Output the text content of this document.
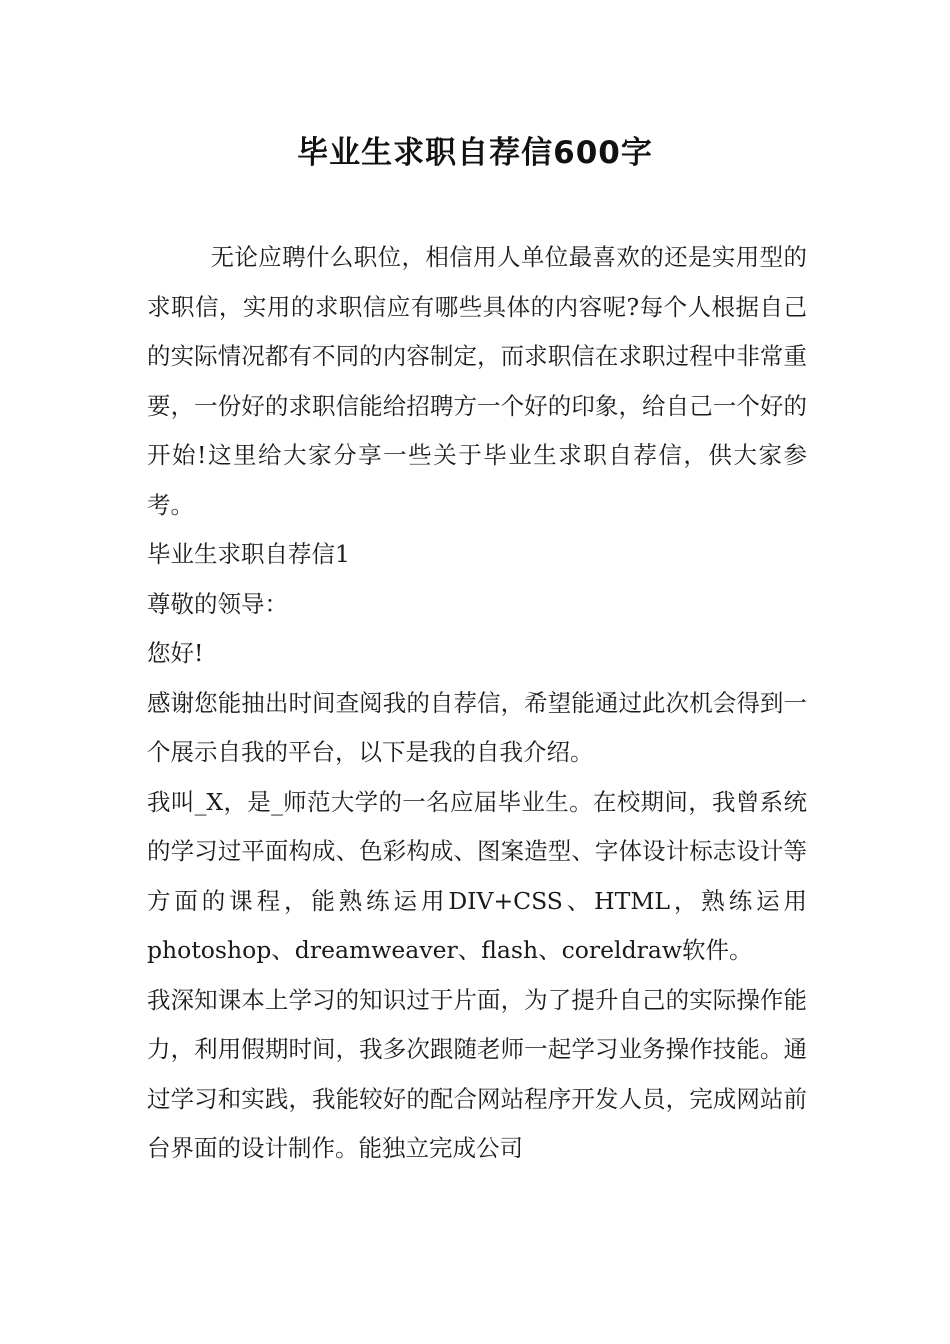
毕业生求职自荐信600字

无论应聘什么职位，相信用人单位最喜欢的还是实用型的求职信，实用的求职信应有哪些具体的内容呢?每个人根据自己的实际情况都有不同的内容制定，而求职信在求职过程中非常重要，一份好的求职信能给招聘方一个好的印象，给自己一个好的开始!这里给大家分享一些关于毕业生求职自荐信，供大家参考。

毕业生求职自荐信1

尊敬的领导：

您好!

感谢您能抽出时间查阅我的自荐信，希望能通过此次机会得到一个展示自我的平台，以下是我的自我介绍。

我叫_X，是_师范大学的一名应届毕业生。在校期间，我曾系统的学习过平面构成、色彩构成、图案造型、字体设计标志设计等方面的课程，能熟练运用DIV+CSS、HTML，熟练运用photoshop、dreamweaver、flash、coreldraw软件。

我深知课本上学习的知识过于片面，为了提升自己的实际操作能力，利用假期时间，我多次跟随老师一起学习业务操作技能。通过学习和实践，我能较好的配合网站程序开发人员，完成网站前台界面的设计制作。能独立完成公司
